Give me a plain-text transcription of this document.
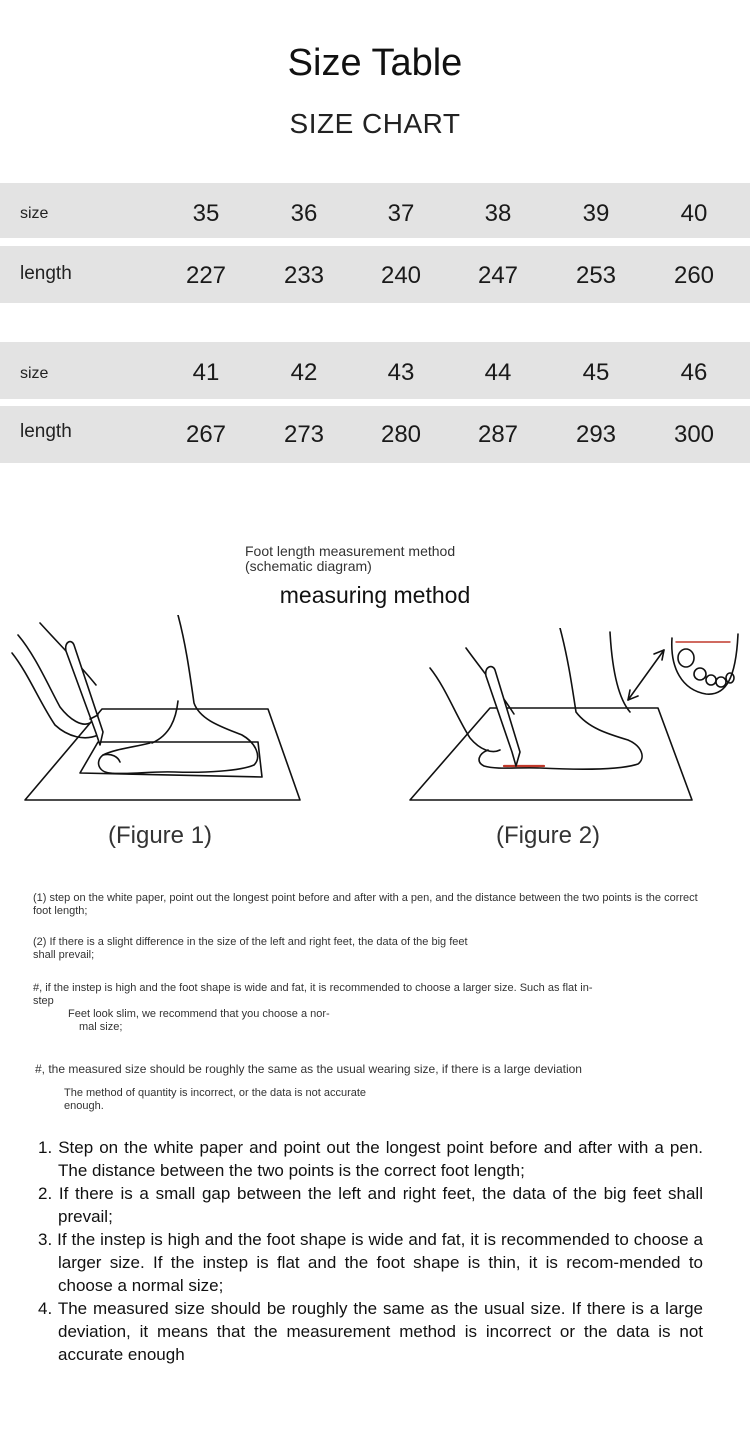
Size Table
SIZE CHART
size	35	36	37	38	39	40
length	227	233	240	247	253	260
size	41	42	43	44	45	46
length	267	273	280	287	293	300
Foot length measurement method
(schematic diagram)
measuring method
(Figure 1)	(Figure 2)
(1) step on the white paper, point out the longest point before and after with a pen, and the distance between the two points is the correct foot length;
(2) If there is a slight difference in the size of the left and right feet, the data of the big feet
shall prevail;
#, if the instep is high and the foot shape is wide and fat, it is recommended to choose a larger size. Such as flat in-
step
Feet look slim, we recommend that you choose a nor-
mal size;
#, the measured size should be roughly the same as the usual wearing size, if there is a large deviation
The method of quantity is incorrect, or the data is not accurate
enough.
1. Step on the white paper and point out the longest point before and after with a pen. The distance between the two points is the correct foot length;
2. If there is a small gap between the left and right feet, the data of the big feet shall prevail;
3. If the instep is high and the foot shape is wide and fat, it is recommended to choose a larger size. If the instep is flat and the foot shape is thin, it is recom-mended to choose a normal size;
4. The measured size should be roughly the same as the usual size. If there is a large deviation, it means that the measurement method is incorrect or the data is not accurate enough
